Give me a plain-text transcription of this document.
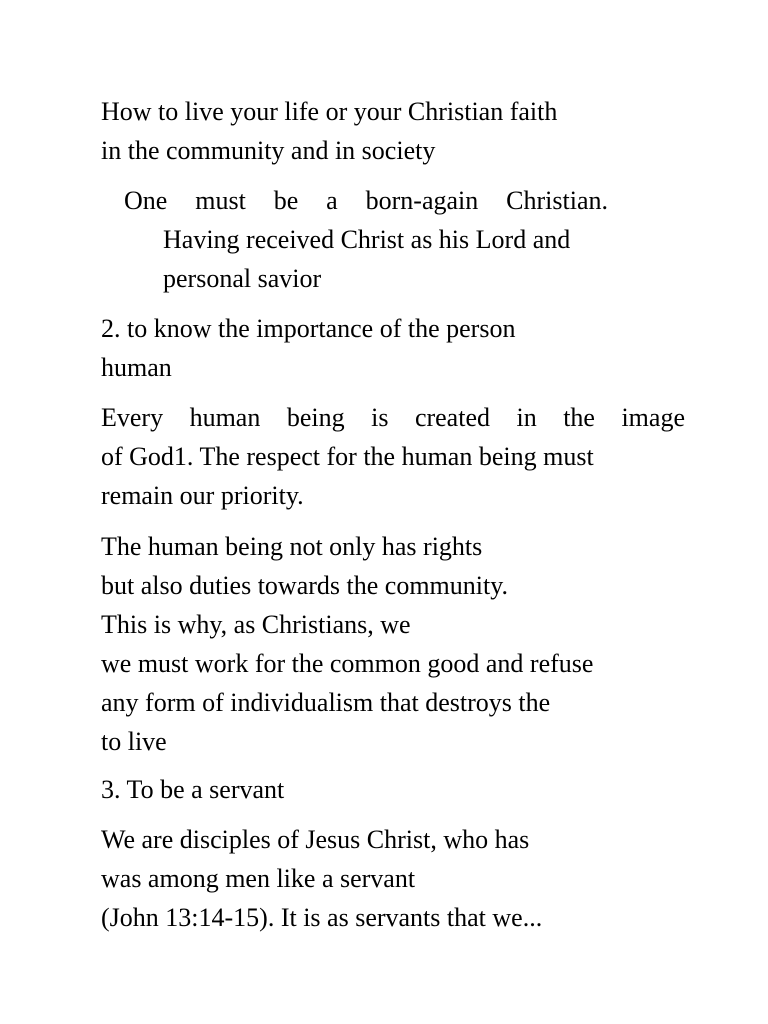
How to live your life or your Christian faith
in the community and in society

One must be a born-again Christian.

Having received Christ as his Lord and
personal savior

2. to know the importance of the person
human

Every human being is created in the image
of God1. The respect for the human being must
remain our priority.

The human being not only has rights
but also duties towards the community.
This is why, as Christians, we
we must work for the common good and refuse
any form of individualism that destroys the
to live

3. To be a servant

We are disciples of Jesus Christ, who has
was among men like a servant
(John 13:14-15). It is as servants that we...
